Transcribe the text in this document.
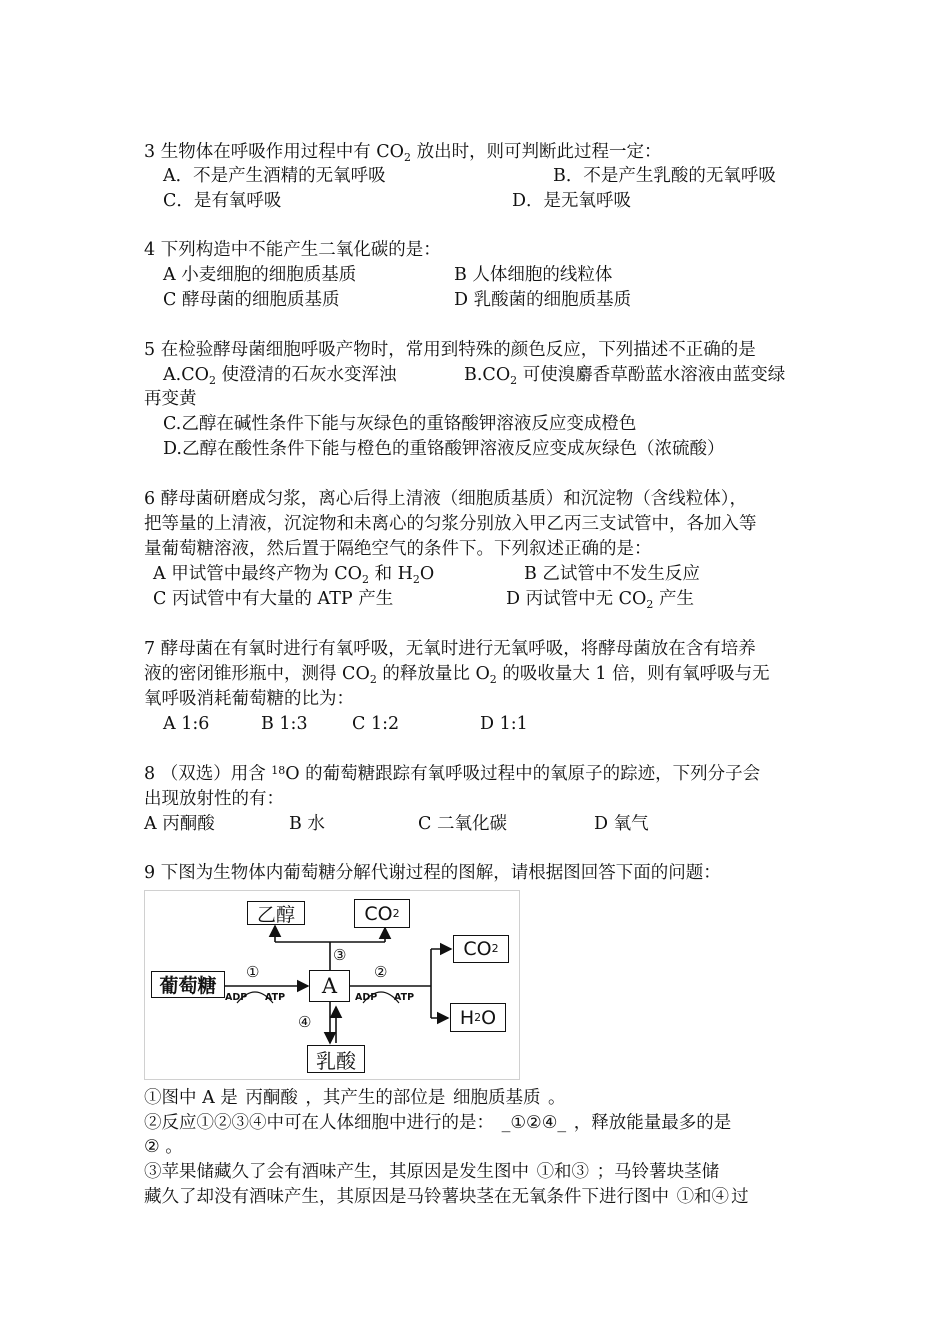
3 生物体在呼吸作用过程中有 $CO_2$ 放出时，则可判断此过程一定：
A．不是产生酒精的无氧呼吸	B．不是产生乳酸的无氧呼吸
C．是有氧呼吸	D．是无氧呼吸
4 下列构造中不能产生二氧化碳的是：
A 小麦细胞的细胞质基质	B 人体细胞的线粒体
C 酵母菌的细胞质基质	D 乳酸菌的细胞质基质
5 在检验酵母菌细胞呼吸产物时，常用到特殊的颜色反应，下列描述不正确的是
$A.CO_2$ 使澄清的石灰水变浑浊	$B.CO_2$ 可使溴麝香草酚蓝水溶液由蓝变绿
再变黄
C.乙醇在碱性条件下能与灰绿色的重铬酸钾溶液反应变成橙色
D.乙醇在酸性条件下能与橙色的重铬酸钾溶液反应变成灰绿色（浓硫酸）
6 酵母菌研磨成匀浆，离心后得上清液（细胞质基质）和沉淀物（含线粒体），
把等量的上清液，沉淀物和未离心的匀浆分别放入甲乙丙三支试管中，各加入等
量葡萄糖溶液，然后置于隔绝空气的条件下。下列叙述正确的是：
A 甲试管中最终产物为 $CO_2$ 和 $H_2O$	B 乙试管中不发生反应
C 丙试管中有大量的 ATP 产生	D 丙试管中无 $CO_2$ 产生
7 酵母菌在有氧时进行有氧呼吸，无氧时进行无氧呼吸，将酵母菌放在含有培养
液的密闭锥形瓶中，测得 $CO_2$ 的释放量比 $O_2$ 的吸收量大 1 倍，则有氧呼吸与无
氧呼吸消耗葡萄糖的比为：
A 1:6	B 1:3	C 1:2	D 1:1
8 （双选）用含 $^{18}$O 的葡萄糖跟踪有氧呼吸过程中的氧原子的踪迹，下列分子会
出现放射性的有：
A 丙酮酸	B 水	C 二氧化碳	D 氧气
9 下图为生物体内葡萄糖分解代谢过程的图解，请根据图回答下面的问题：
乙醇	CO 2
葡萄糖	A
CO 2
H 2 O
乳酸
①	②
③
④
ADP ATP	ADP ATP
①图中 A 是 丙酮酸 ，其产生的部位是 细胞质基质 。
②反应①②③④中可在人体细胞中进行的是： _①②④_ ，释放能量最多的是
② 。
③苹果储藏久了会有酒味产生，其原因是发生图中 ①和③ ；马铃薯块茎储
藏久了却没有酒味产生，其原因是马铃薯块茎在无氧条件下进行图中 ①和④ 过
